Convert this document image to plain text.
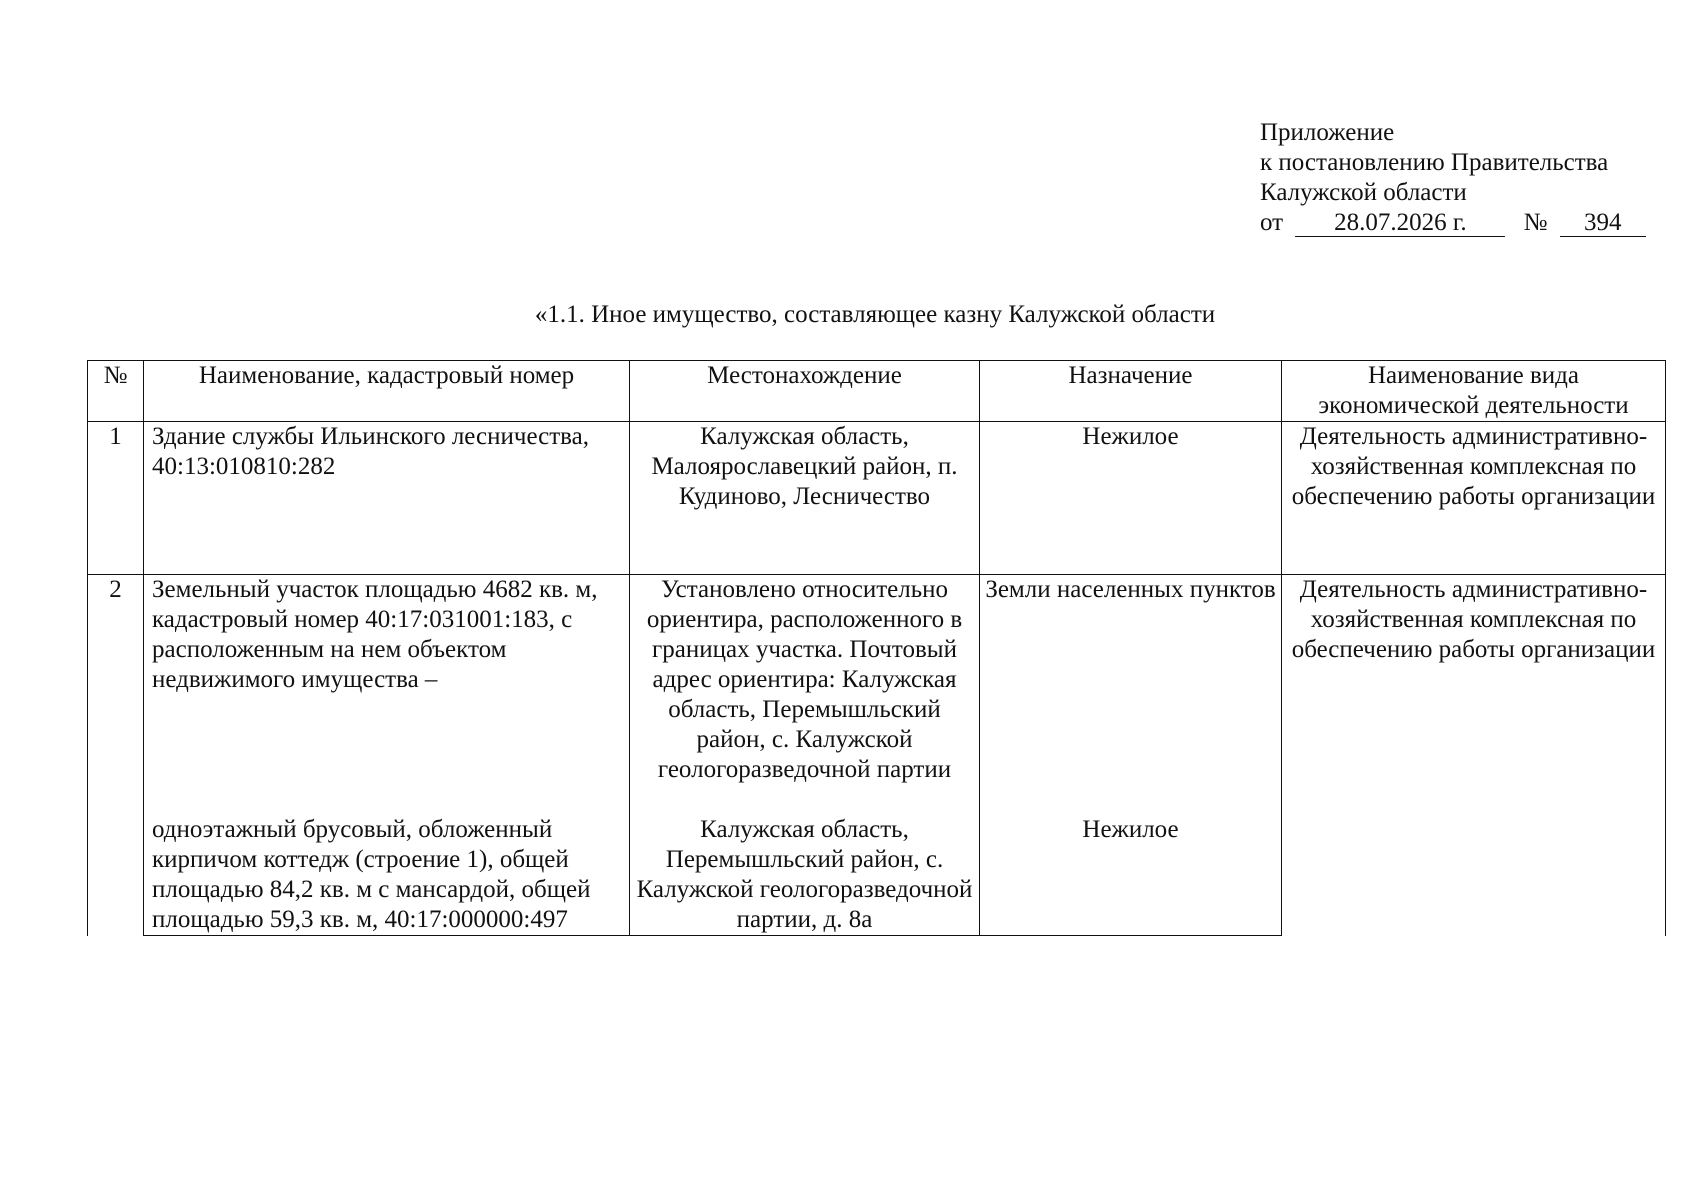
Приложение
к постановлению Правительства
Калужской области
от 28.07.2026 г. № 394
«1.1. Иное имущество, составляющее казну Калужской области
№	Наименование, кадастровый номер	Местонахождение	Назначение	Наименование вида экономической деятельности
1	Здание службы Ильинского лесничества, 40:13:010810:282	Калужская область, Малоярославецкий район, п. Кудиново, Лесничество	Нежилое	Деятельность административно-хозяйственная комплексная по обеспечению работы организации
2	Земельный участок площадью 4682 кв. м, кадастровый номер 40:17:031001:183, с расположенным на нем объектом недвижимого имущества –	Установлено относительно ориентира, расположенного в границах участка. Почтовый адрес ориентира: Калужская область, Перемышльский район, с. Калужской геологоразведочной партии	Земли населенных пунктов	Деятельность административно-хозяйственная комплексная по обеспечению работы организации
	одноэтажный брусовый, обложенный кирпичом коттедж (строение 1), общей площадью 84,2 кв. м с мансардой, общей площадью 59,3 кв. м, 40:17:000000:497	Калужская область, Перемышльский район, с. Калужской геологоразведочной партии, д. 8а	Нежилое	
